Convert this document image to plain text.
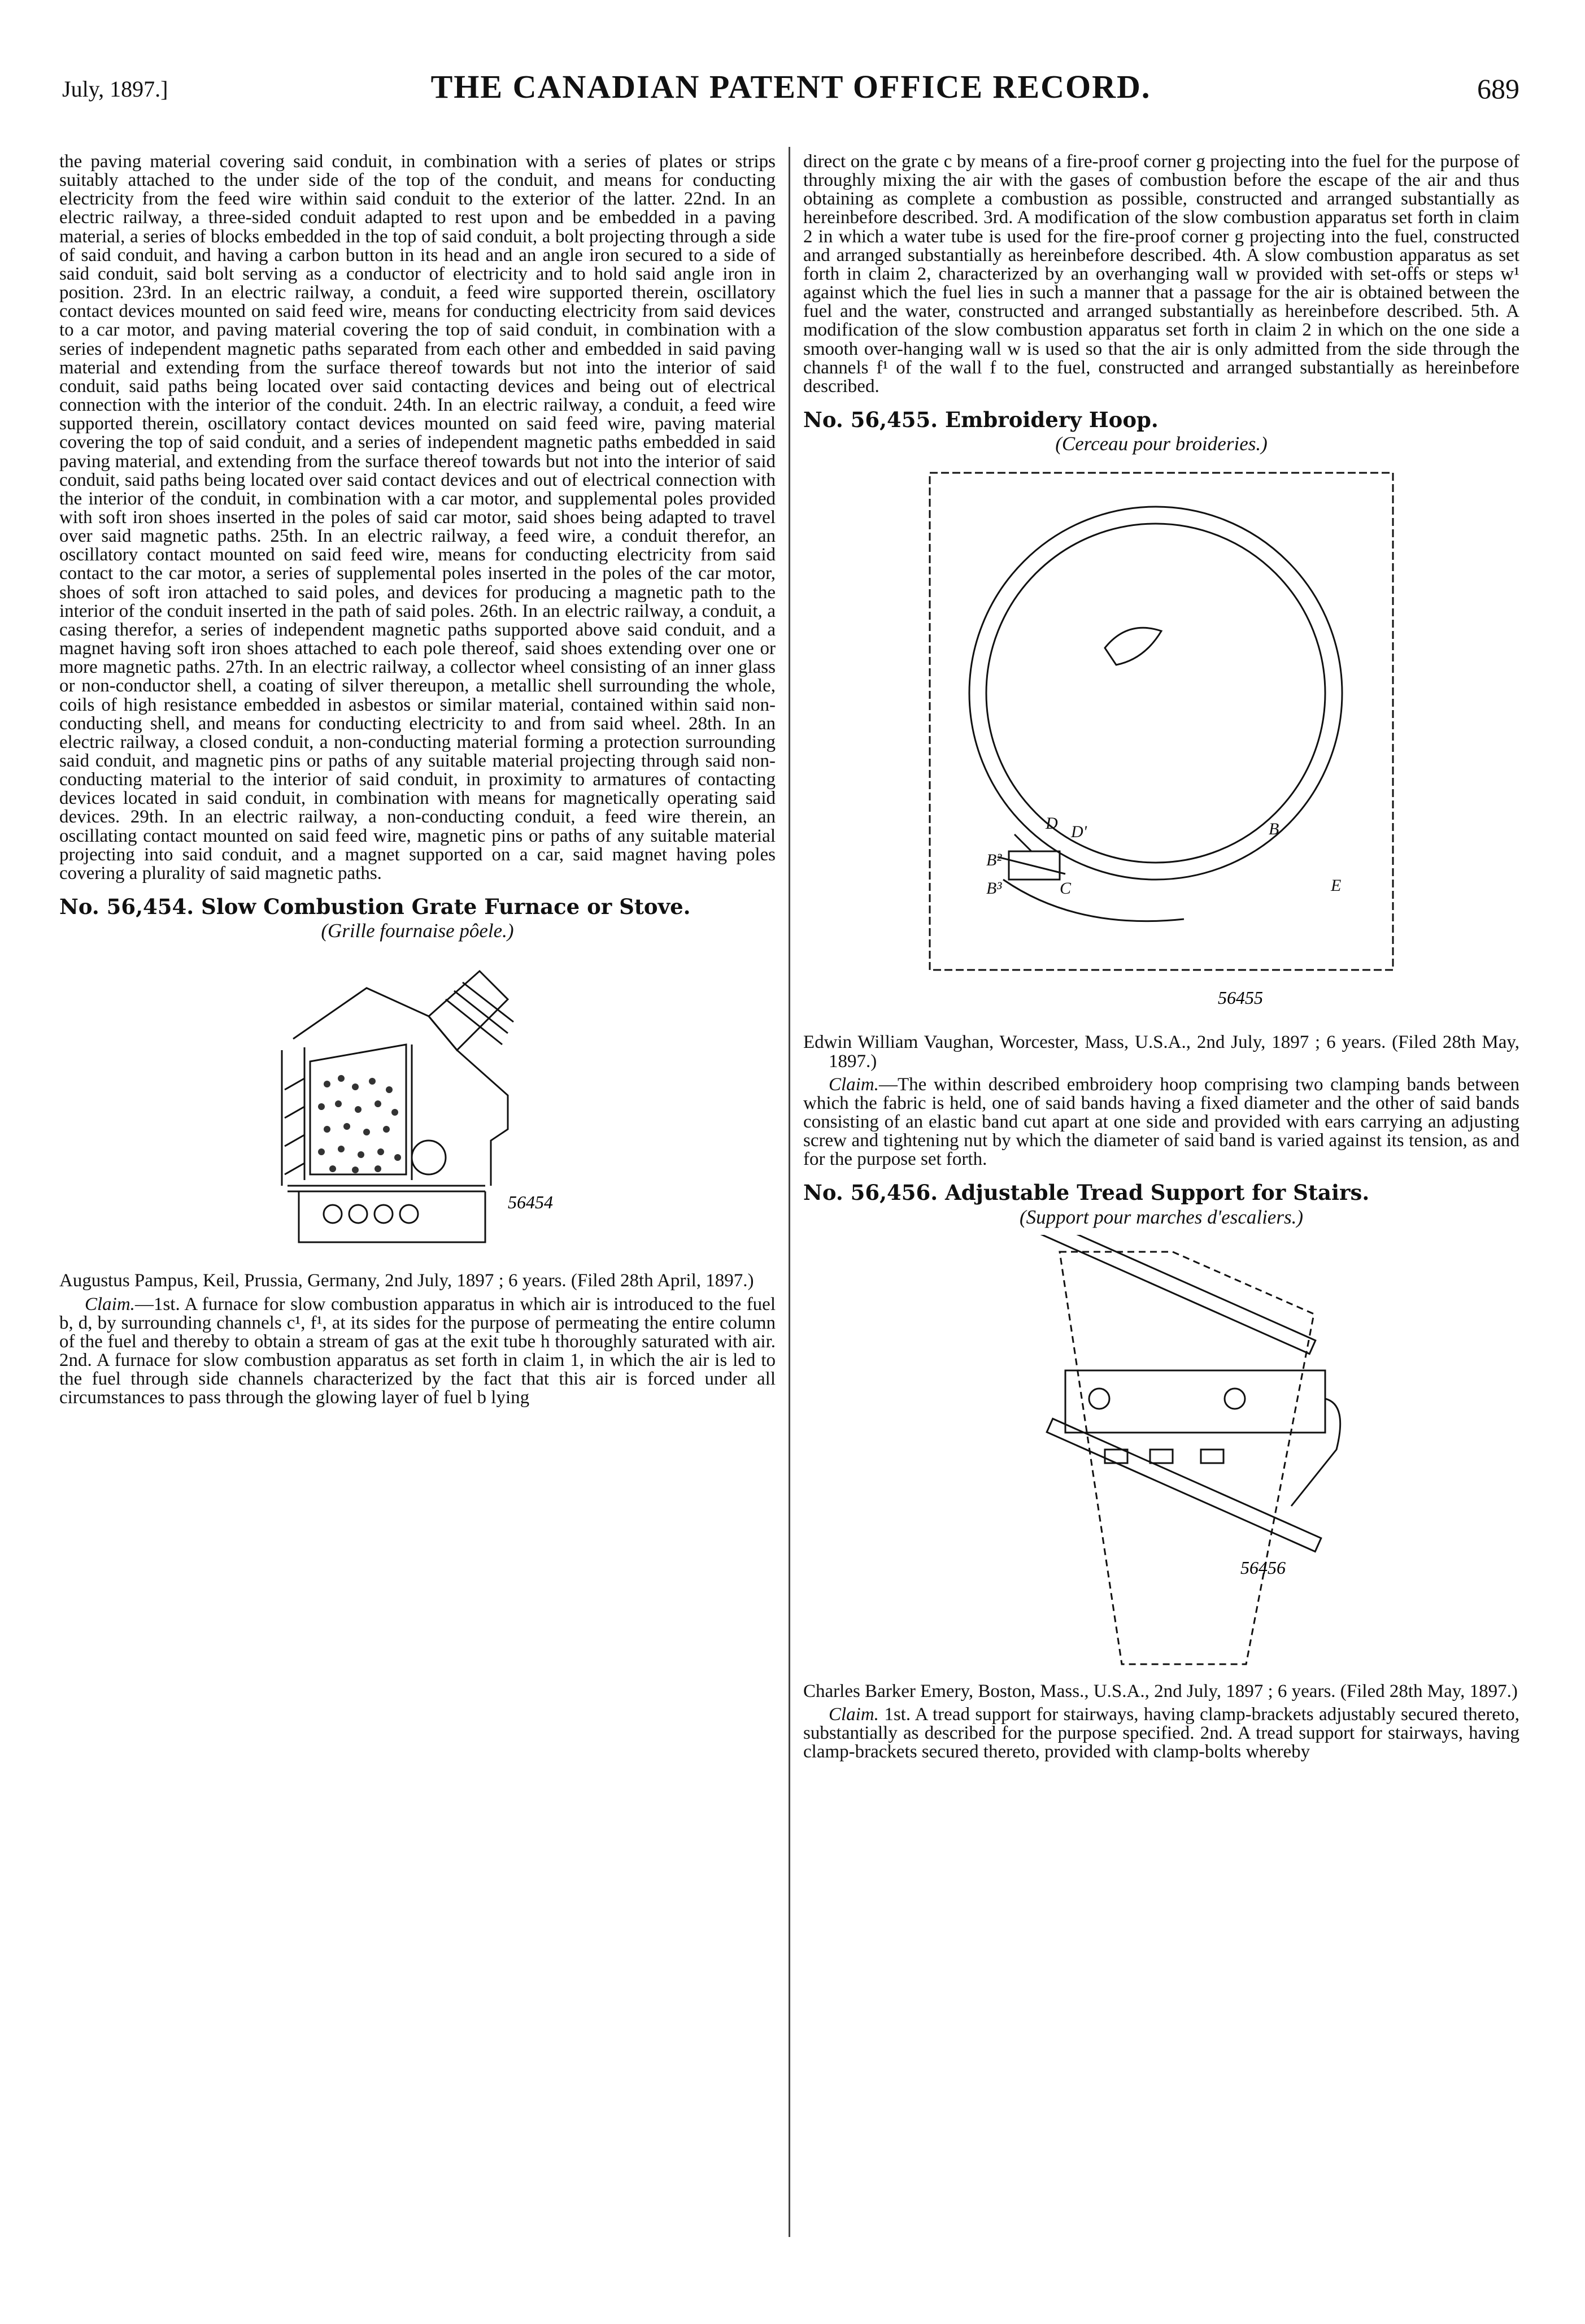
July, 1897.]	THE CANADIAN PATENT OFFICE RECORD.	689

the paving material covering said conduit, in combination with a series of plates or strips suitably attached to the under side of the top of the conduit, and means for conducting electricity from the feed wire within said conduit to the exterior of the latter. 22nd. In an electric railway, a three-sided conduit adapted to rest upon and be embedded in a paving material, a series of blocks embedded in the top of said conduit, a bolt projecting through a side of said conduit, and having a carbon button in its head and an angle iron secured to a side of said conduit, said bolt serving as a conductor of electricity and to hold said angle iron in position. 23rd. In an electric railway, a conduit, a feed wire supported therein, oscillatory contact devices mounted on said feed wire, means for conducting electricity from said devices to a car motor, and paving material covering the top of said conduit, in combination with a series of independent magnetic paths separated from each other and embedded in said paving material and extending from the surface thereof towards but not into the interior of said conduit, said paths being located over said contacting devices and being out of electrical connection with the interior of the conduit. 24th. In an electric railway, a conduit, a feed wire supported therein, oscillatory contact devices mounted on said feed wire, paving material covering the top of said conduit, and a series of independent magnetic paths embedded in said paving material, and extending from the surface thereof towards but not into the interior of said conduit, said paths being located over said contact devices and out of electrical connection with the interior of the conduit, in combination with a car motor, and supplemental poles provided with soft iron shoes inserted in the poles of said car motor, said shoes being adapted to travel over said magnetic paths. 25th. In an electric railway, a feed wire, a conduit therefor, an oscillatory contact mounted on said feed wire, means for conducting electricity from said contact to the car motor, a series of supplemental poles inserted in the poles of the car motor, shoes of soft iron attached to said poles, and devices for producing a magnetic path to the interior of the conduit inserted in the path of said poles. 26th. In an electric railway, a conduit, a casing therefor, a series of independent magnetic paths supported above said conduit, and a magnet having soft iron shoes attached to each pole thereof, said shoes extending over one or more magnetic paths. 27th. In an electric railway, a collector wheel consisting of an inner glass or non-conductor shell, a coating of silver thereupon, a metallic shell surrounding the whole, coils of high resistance embedded in asbestos or similar material, contained within said non-conducting shell, and means for conducting electricity to and from said wheel. 28th. In an electric railway, a closed conduit, a non-conducting material forming a protection surrounding said conduit, and magnetic pins or paths of any suitable material projecting through said non-conducting material to the interior of said conduit, in proximity to armatures of contacting devices located in said conduit, in combination with means for magnetically operating said devices. 29th. In an electric railway, a non-conducting conduit, a feed wire therein, an oscillating contact mounted on said feed wire, magnetic pins or paths of any suitable material projecting into said conduit, and a magnet supported on a car, said magnet having poles covering a plurality of said magnetic paths.

No. 56,454. Slow Combustion Grate Furnace or Stove.
(Grille fournaise pôele.)
56454

Augustus Pampus, Keil, Prussia, Germany, 2nd July, 1897 ; 6 years. (Filed 28th April, 1897.)

Claim.—1st. A furnace for slow combustion apparatus in which air is introduced to the fuel b, d, by surrounding channels c¹, f¹, at its sides for the purpose of permeating the entire column of the fuel and thereby to obtain a stream of gas at the exit tube h thoroughly saturated with air. 2nd. A furnace for slow combustion apparatus as set forth in claim 1, in which the air is led to the fuel through side channels characterized by the fact that this air is forced under all circumstances to pass through the glowing layer of fuel b lying

direct on the grate c by means of a fire-proof corner g projecting into the fuel for the purpose of throughly mixing the air with the gases of combustion before the escape of the air and thus obtaining as complete a combustion as possible, constructed and arranged substantially as hereinbefore described. 3rd. A modification of the slow combustion apparatus set forth in claim 2 in which a water tube is used for the fire-proof corner g projecting into the fuel, constructed and arranged substantially as hereinbefore described. 4th. A slow combustion apparatus as set forth in claim 2, characterized by an overhanging wall w provided with set-offs or steps w¹ against which the fuel lies in such a manner that a passage for the air is obtained between the fuel and the water, constructed and arranged substantially as hereinbefore described. 5th. A modification of the slow combustion apparatus set forth in claim 2 in which on the one side a smooth over-hanging wall w is used so that the air is only admitted from the side through the channels f¹ of the wall f to the fuel, constructed and arranged substantially as hereinbefore described.

No. 56,455. Embroidery Hoop.
(Cerceau pour broideries.)
B
E
D D'
B²
B³	C
56455

Edwin William Vaughan, Worcester, Mass, U.S.A., 2nd July, 1897 ; 6 years. (Filed 28th May, 1897.)

Claim.—The within described embroidery hoop comprising two clamping bands between which the fabric is held, one of said bands having a fixed diameter and the other of said bands consisting of an elastic band cut apart at one side and provided with ears carrying an adjusting screw and tightening nut by which the diameter of said band is varied against its tension, as and for the purpose set forth.

No. 56,456. Adjustable Tread Support for Stairs.
(Support pour marches d'escaliers.)
56456

Charles Barker Emery, Boston, Mass., U.S.A., 2nd July, 1897 ; 6 years. (Filed 28th May, 1897.)

Claim. 1st. A tread support for stairways, having clamp-brackets adjustably secured thereto, substantially as described for the purpose specified. 2nd. A tread support for stairways, having clamp-brackets secured thereto, provided with clamp-bolts whereby
